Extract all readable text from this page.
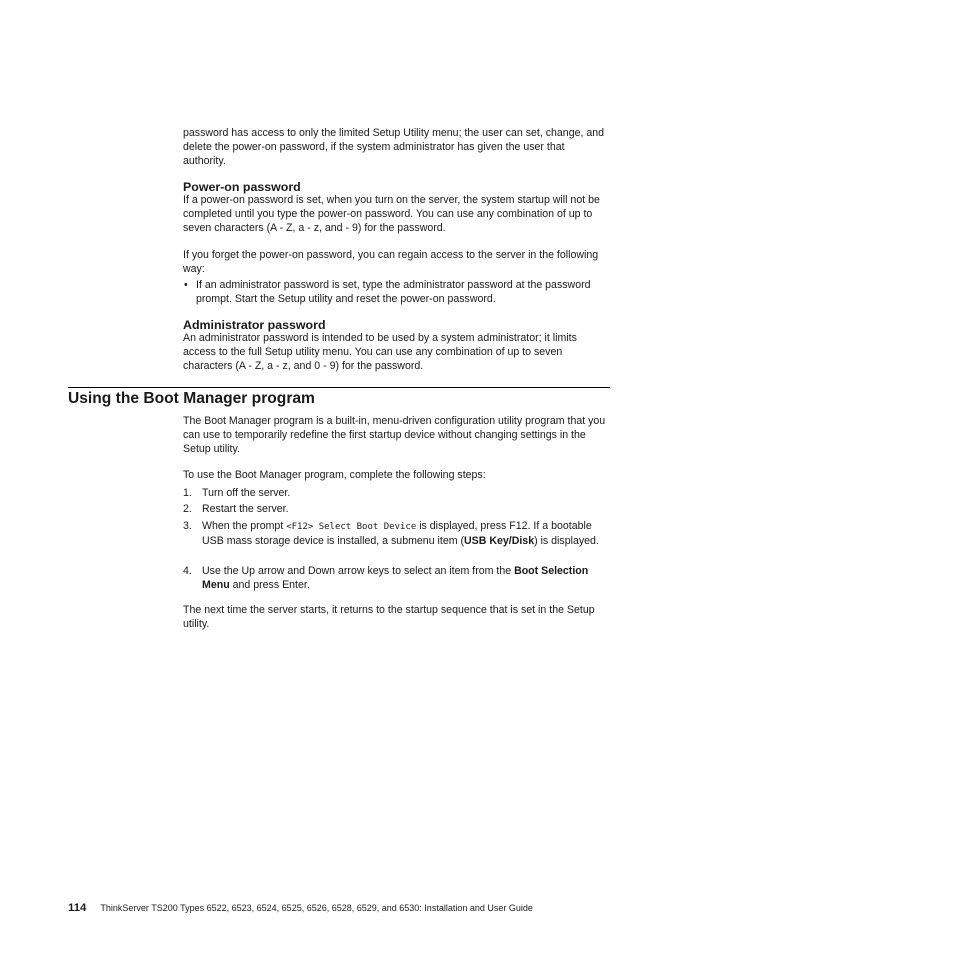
password has access to only the limited Setup Utility menu; the user can set, change, and delete the power-on password, if the system administrator has given the user that authority.

Power-on password

If a power-on password is set, when you turn on the server, the system startup will not be completed until you type the power-on password. You can use any combination of up to seven characters (A - Z, a - z, and - 9) for the password.

If you forget the power-on password, you can regain access to the server in the following way:

• If an administrator password is set, type the administrator password at the password prompt. Start the Setup utility and reset the power-on password.
Administrator password

An administrator password is intended to be used by a system administrator; it limits access to the full Setup utility menu. You can use any combination of up to seven characters (A - Z, a - z, and 0 - 9) for the password.

Using the Boot Manager program

The Boot Manager program is a built-in, menu-driven configuration utility program that you can use to temporarily redefine the first startup device without changing settings in the Setup utility.

To use the Boot Manager program, complete the following steps:

1. Turn off the server.
2. Restart the server.
3. When the prompt <F12> Select Boot Device is displayed, press F12. If a bootable USB mass storage device is installed, a submenu item (USB Key/Disk) is displayed.
4. Use the Up arrow and Down arrow keys to select an item from the Boot Selection Menu and press Enter.

The next time the server starts, it returns to the startup sequence that is set in the Setup utility.

114 ThinkServer TS200 Types 6522, 6523, 6524, 6525, 6526, 6528, 6529, and 6530: Installation and User Guide
